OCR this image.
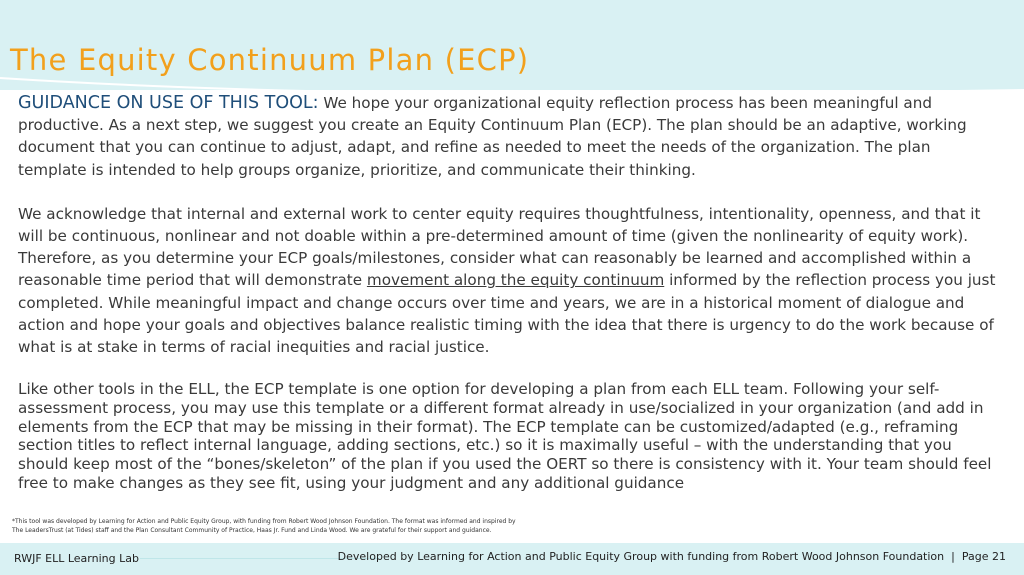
The Equity Continuum Plan (ECP)

GUIDANCE ON USE OF THIS TOOL: We hope your organizational equity reflection process has been meaningful and productive. As a next step, we suggest you create an Equity Continuum Plan (ECP). The plan should be an adaptive, working document that you can continue to adjust, adapt, and refine as needed to meet the needs of the organization. The plan template is intended to help groups organize, prioritize, and communicate their thinking.

We acknowledge that internal and external work to center equity requires thoughtfulness, intentionality, openness, and that it will be continuous, nonlinear and not doable within a pre-determined amount of time (given the nonlinearity of equity work). Therefore, as you determine your ECP goals/milestones, consider what can reasonably be learned and accomplished within a reasonable time period that will demonstrate movement along the equity continuum informed by the reflection process you just completed. While meaningful impact and change occurs over time and years, we are in a historical moment of dialogue and action and hope your goals and objectives balance realistic timing with the idea that there is urgency to do the work because of what is at stake in terms of racial inequities and racial justice.

Like other tools in the ELL, the ECP template is one option for developing a plan from each ELL team. Following your self-assessment process, you may use this template or a different format already in use/socialized in your organization (and add in elements from the ECP that may be missing in their format). The ECP template can be customized/adapted (e.g., reframing section titles to reflect internal language, adding sections, etc.) so it is maximally useful – with the understanding that you should keep most of the “bones/skeleton” of the plan if you used the OERT so there is consistency with it. Your team should feel free to make changes as they see fit, using your judgment and any additional guidance

*This tool was developed by Learning for Action and Public Equity Group, with funding from Robert Wood Johnson Foundation. The format was informed and inspired by
The LeadersTrust (at Tides) staff and the Plan Consultant Community of Practice, Haas Jr. Fund and Linda Wood. We are grateful for their support and guidance.
RWJF ELL Learning Lab	Developed by Learning for Action and Public Equity Group with funding from Robert Wood Johnson Foundation | Page 21
